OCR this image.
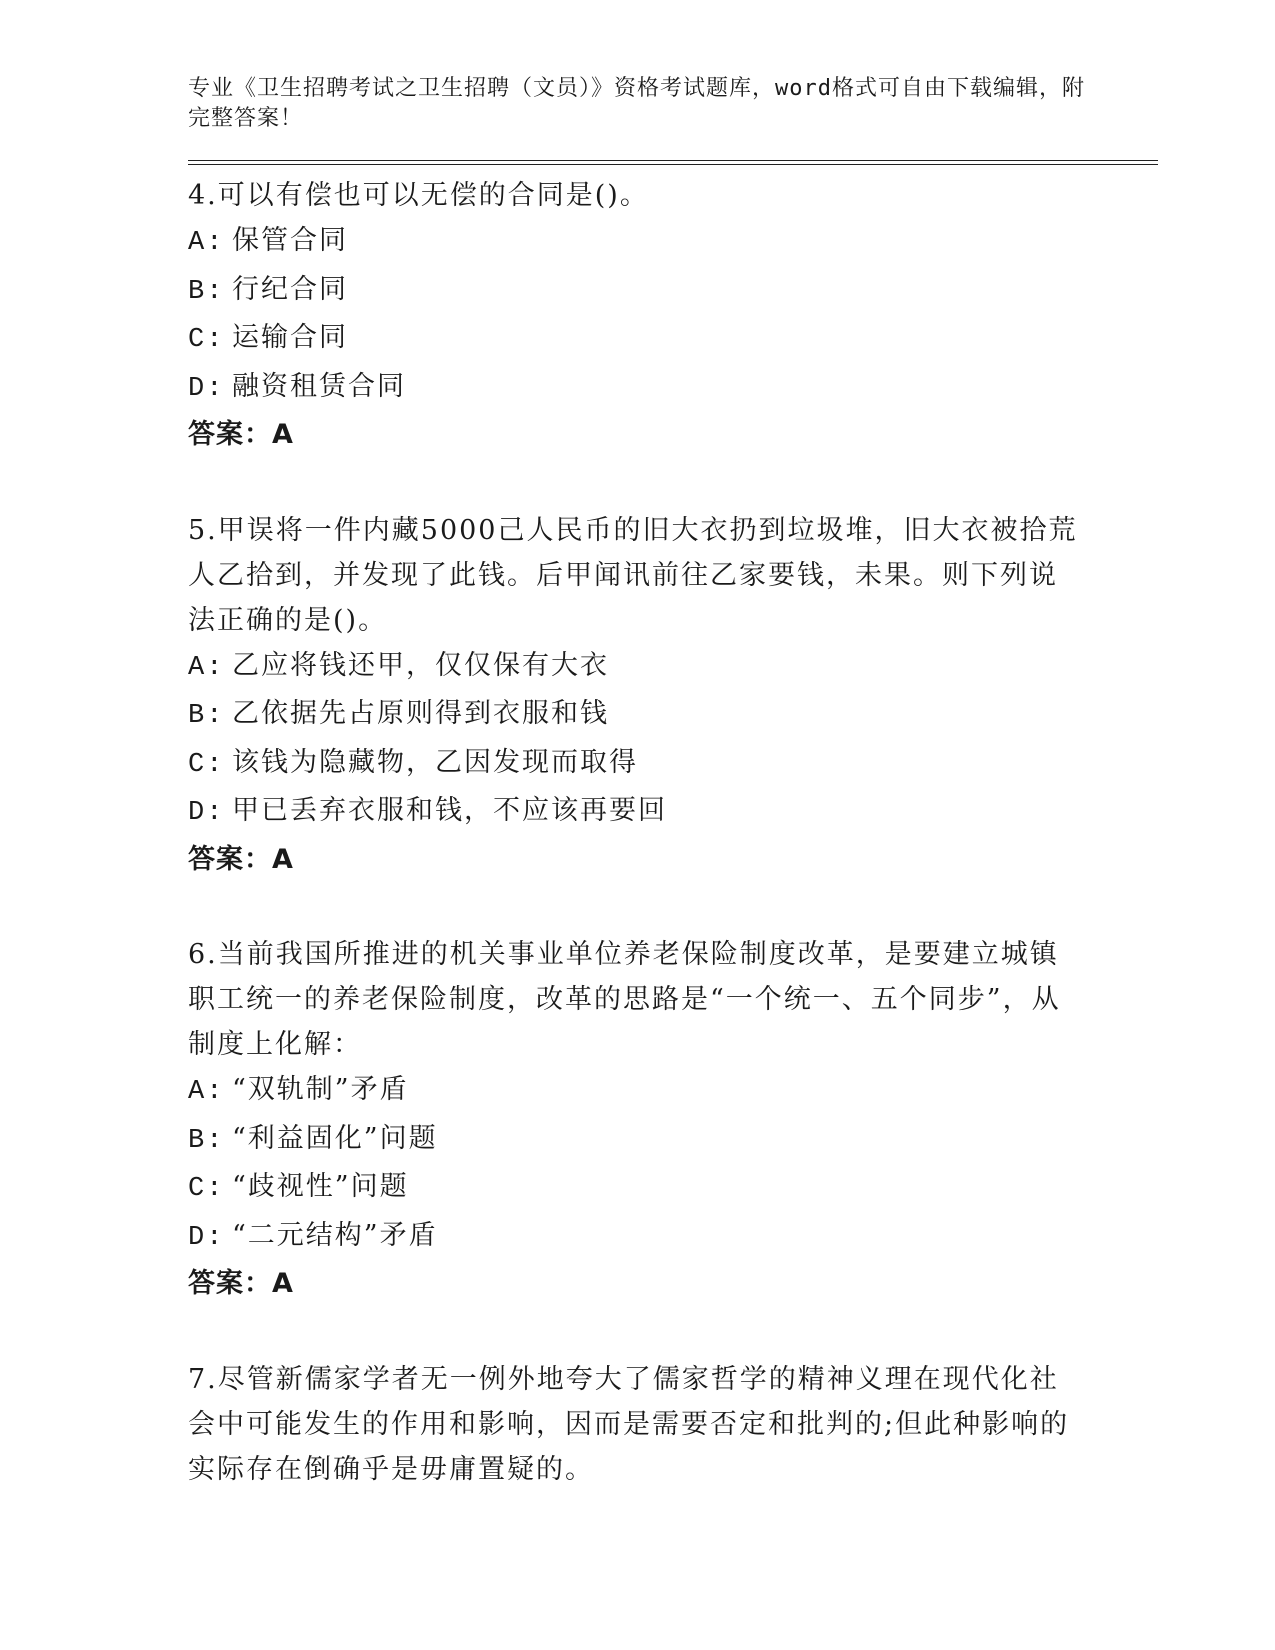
专业《卫生招聘考试之卫生招聘（文员）》资格考试题库，word格式可自由下载编辑，附完整答案！
4.可以有偿也可以无偿的合同是()。
A: 保管合同
B: 行纪合同
C: 运输合同
D: 融资租赁合同
答案：A
5.甲误将一件内藏5000己人民币的旧大衣扔到垃圾堆，旧大衣被拾荒人乙拾到，并发现了此钱。后甲闻讯前往乙家要钱，未果。则下列说法正确的是()。
A: 乙应将钱还甲，仅仅保有大衣
B: 乙依据先占原则得到衣服和钱
C: 该钱为隐藏物，乙因发现而取得
D: 甲已丢弃衣服和钱，不应该再要回
答案：A
6.当前我国所推进的机关事业单位养老保险制度改革，是要建立城镇职工统一的养老保险制度，改革的思路是“一个统一、五个同步”，从制度上化解：
A: “双轨制”矛盾
B: “利益固化”问题
C: “歧视性”问题
D: “二元结构”矛盾
答案：A
7.尽管新儒家学者无一例外地夸大了儒家哲学的精神义理在现代化社会中可能发生的作用和影响，因而是需要否定和批判的;但此种影响的实际存在倒确乎是毋庸置疑的。
